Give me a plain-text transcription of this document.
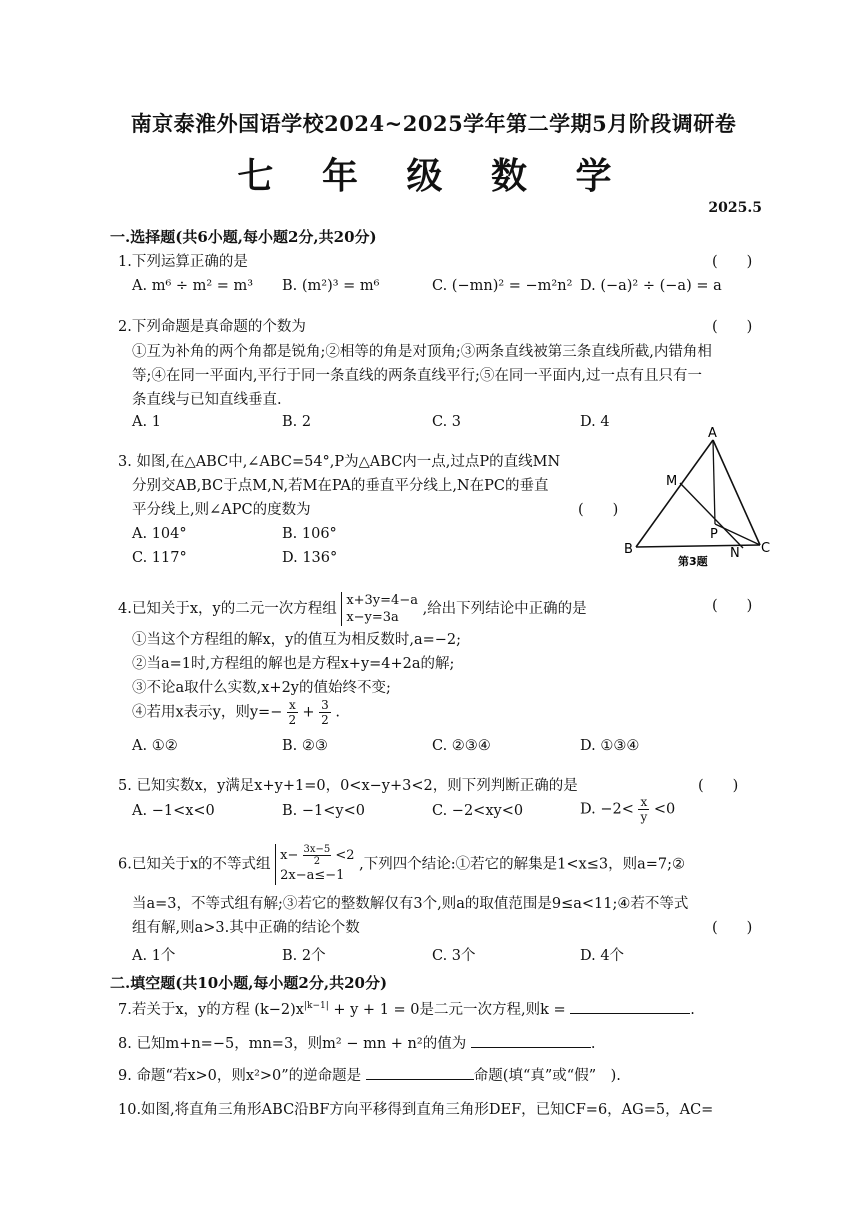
南京泰淮外国语学校2024~2025学年第二学期5月阶段调研卷
七 年 级 数 学
2025.5
一.选择题(共6小题,每小题2分,共20分)
1.下列运算正确的是	(　　)
A. m⁶ ÷ m² = m³ B. (m²)³ = m⁶	C. (−mn)² = −m²n² D. (−a)² ÷ (−a) = a
2.下列命题是真命题的个数为	(　　)
①互为补角的两个角都是锐角;②相等的角是对顶角;③两条直线被第三条直线所截,内错角相
等;④在同一平面内,平行于同一条直线的两条直线平行;⑤在同一平面内,过一点有且只有一
条直线与已知直线垂直.
A. 1	B. 2	C. 3	D. 4
3. 如图,在△ABC中,∠ABC=54°,P为△ABC内一点,过点P的直线MN
分别交AB,BC于点M,N,若M在PA的垂直平分线上,N在PC的垂直
平分线上,则∠APC的度数为	(　　)
A. 104°	B. 106°
C. 117°	D. 136°
A
M
P
B	N C
第3题
4.已知关于x，y的二元一次方程组
x+3y=4−a
x−y=3a
,给出下列结论中正确的是	(　　)
①当这个方程组的解x，y的值互为相反数时,a=−2;
②当a=1时,方程组的解也是方程x+y=4+2a的解;
③不论a取什么实数,x+2y的值始终不变;
④若用x表示y，则$y=- \frac{x}{2} + \frac{3}{2}$ .
A. ①②	B. ②③	C. ②③④	D. ①③④
5. 已知实数x，y满足x+y+1=0，0<x−y+3<2，则下列判断正确的是	(　　)
A. −1<x<0	B. −1<y<0	C. −2<xy<0	D. $-2< \frac{x}{y} <0$
6.已知关于x的不等式组
$x- \frac{3x-5}{2} <2$
2x−a≤−1
,下列四个结论:①若它的解集是1<x≤3，则a=7;②
当a=3，不等式组有解;③若它的整数解仅有3个,则a的取值范围是9≤a<11;④若不等式
组有解,则a>3.其中正确的结论个数	(　　)
A. 1个	B. 2个	C. 3个	D. 4个
二.填空题(共10小题,每小题2分,共20分)
7.若关于x，y的方程 $(k-2)x^{|k-1|} + y + 1 = 0$是二元一次方程,则k =	.
8. 已知m+n=−5，mn=3，则m² − mn + n²的值为	.
9. 命题“若x>0，则x²>0”的逆命题是	命题(填“真”或“假”　).
10.如图,将直角三角形ABC沿BF方向平移得到直角三角形DEF，已知CF=6，AG=5，AC=
